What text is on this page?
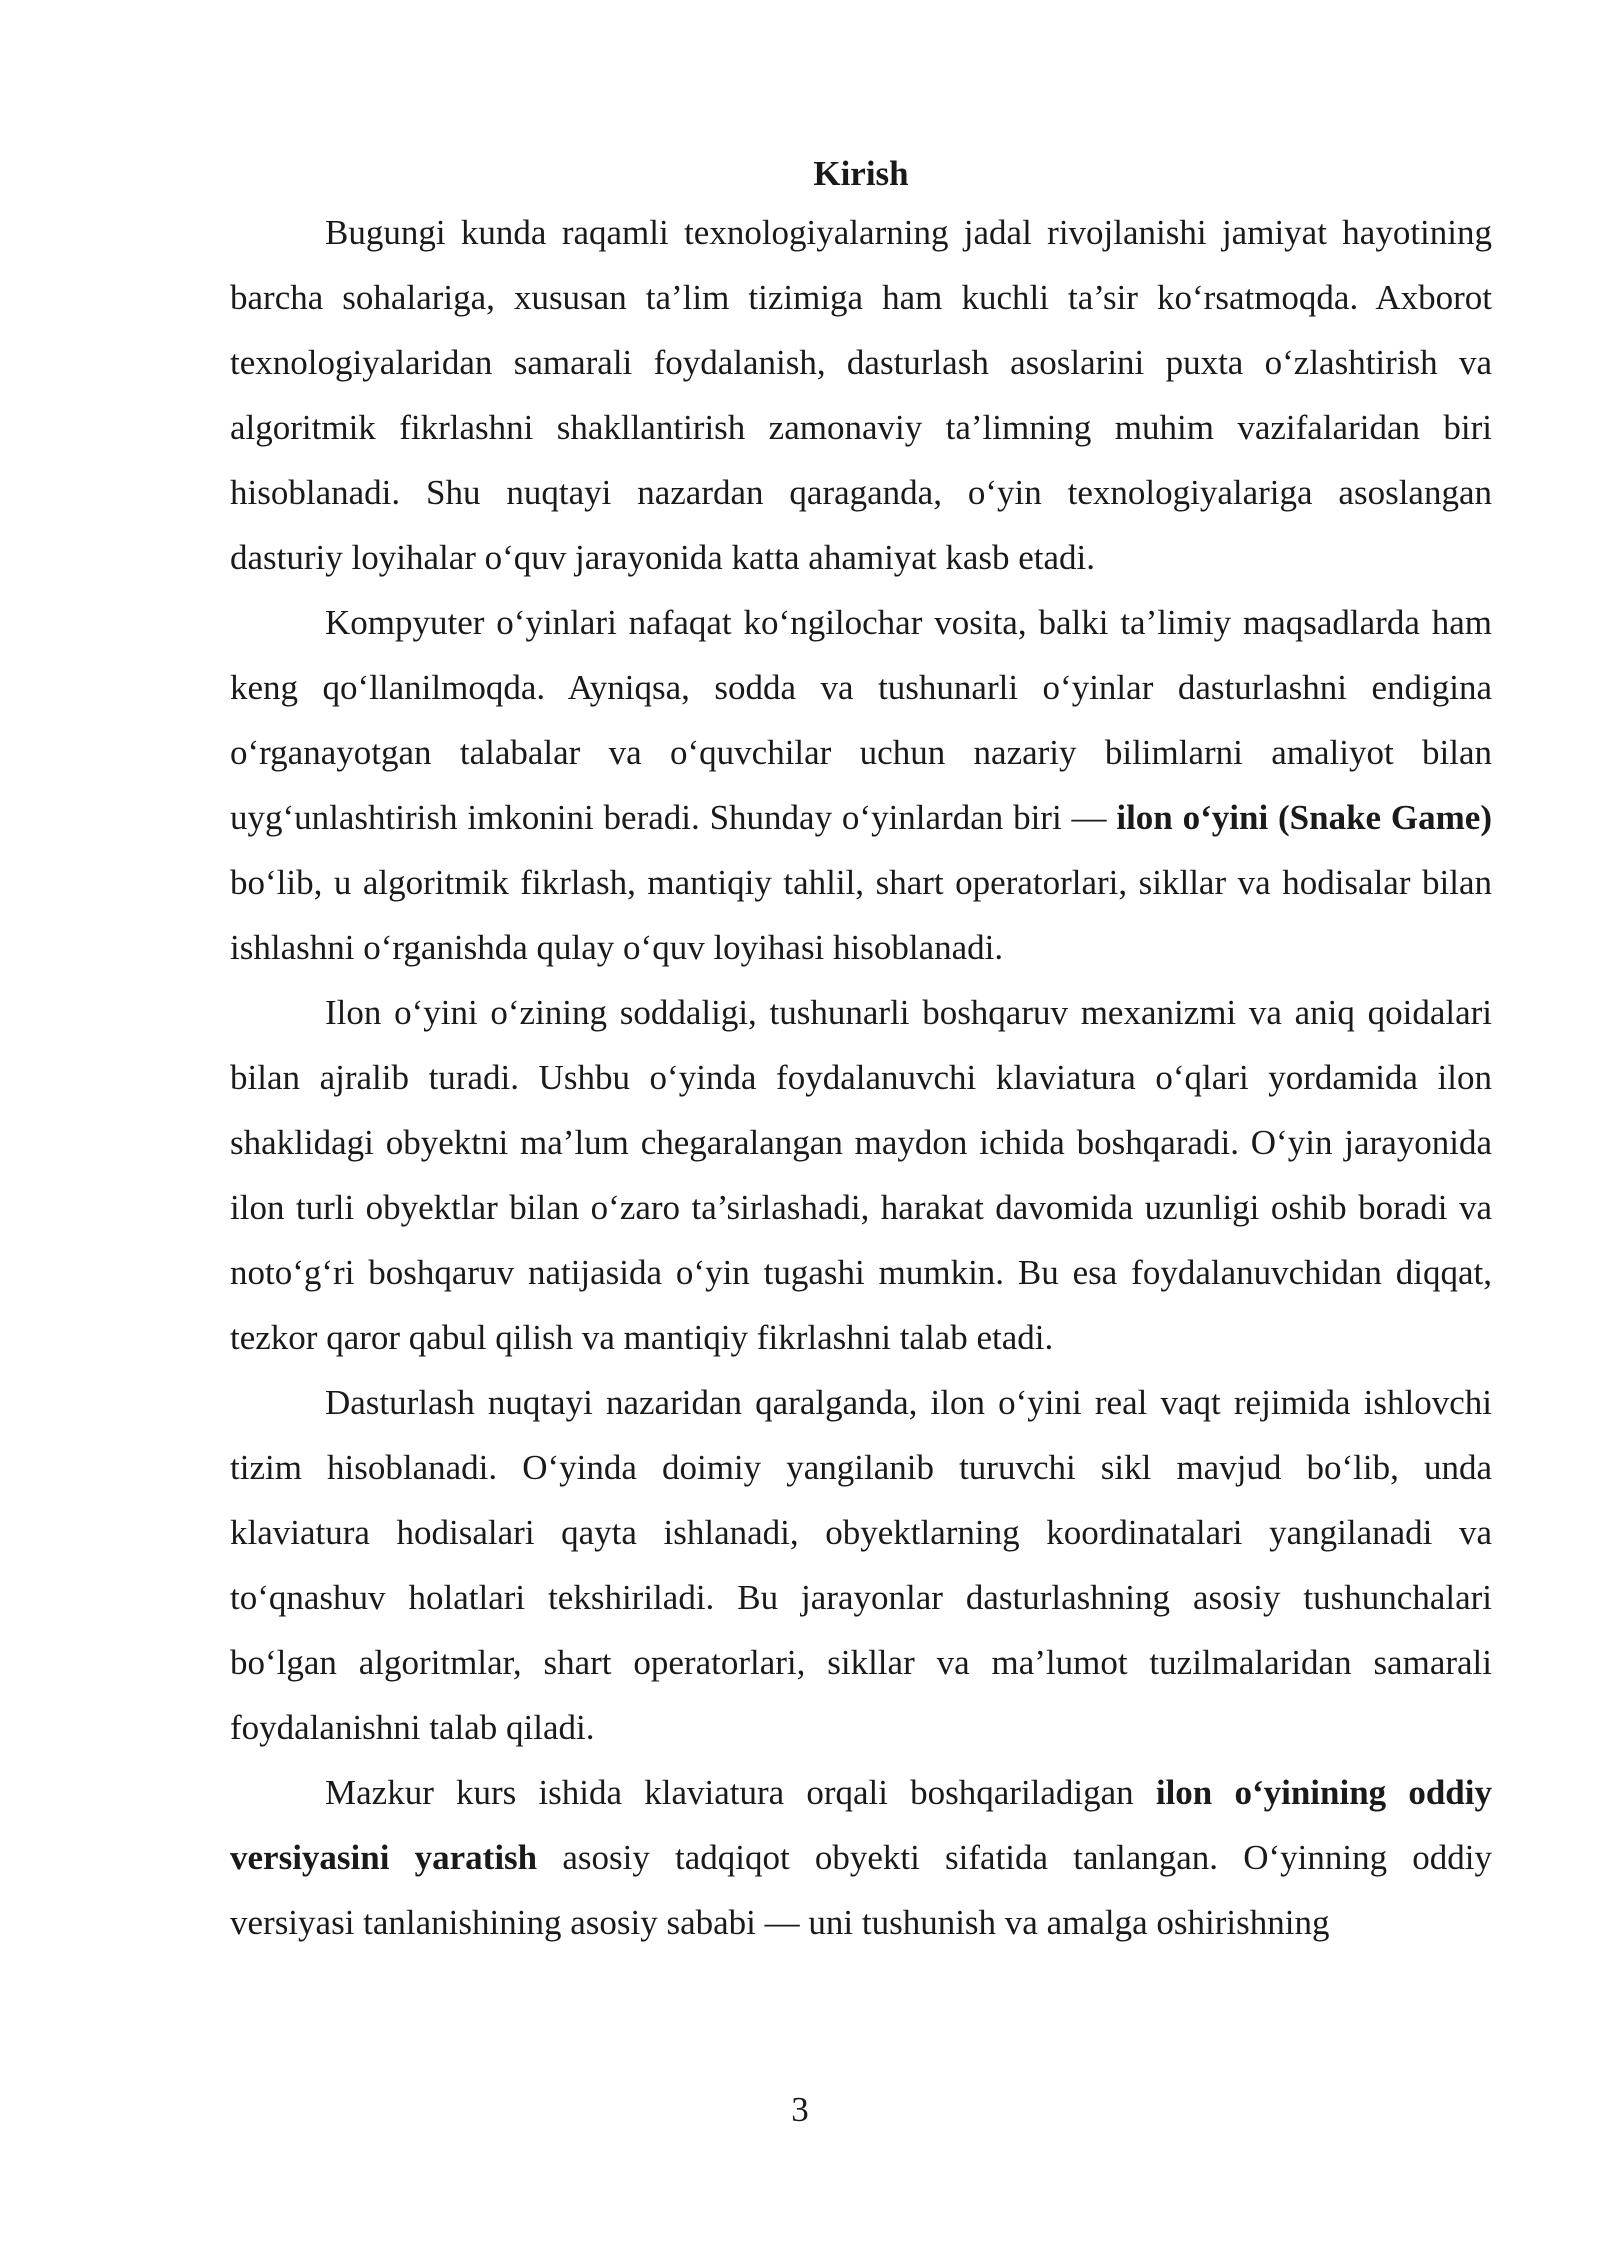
Kirish

Bugungi kunda raqamli texnologiyalarning jadal rivojlanishi jamiyat hayotining barcha sohalariga, xususan ta’lim tizimiga ham kuchli ta’sir ko‘rsatmoqda. Axborot texnologiyalaridan samarali foydalanish, dasturlash asoslarini puxta o‘zlashtirish va algoritmik fikrlashni shakllantirish zamonaviy ta’limning muhim vazifalaridan biri hisoblanadi. Shu nuqtayi nazardan qaraganda, o‘yin texnologiyalariga asoslangan dasturiy loyihalar o‘quv jarayonida katta ahamiyat kasb etadi.

Kompyuter o‘yinlari nafaqat ko‘ngilochar vosita, balki ta’limiy maqsadlarda ham keng qo‘llanilmoqda. Ayniqsa, sodda va tushunarli o‘yinlar dasturlashni endigina o‘rganayotgan talabalar va o‘quvchilar uchun nazariy bilimlarni amaliyot bilan uyg‘unlashtirish imkonini beradi. Shunday o‘yinlardan biri — ilon o‘yini (Snake Game) bo‘lib, u algoritmik fikrlash, mantiqiy tahlil, shart operatorlari, sikllar va hodisalar bilan ishlashni o‘rganishda qulay o‘quv loyihasi hisoblanadi.

Ilon o‘yini o‘zining soddaligi, tushunarli boshqaruv mexanizmi va aniq qoidalari bilan ajralib turadi. Ushbu o‘yinda foydalanuvchi klaviatura o‘qlari yordamida ilon shaklidagi obyektni ma’lum chegaralangan maydon ichida boshqaradi. O‘yin jarayonida ilon turli obyektlar bilan o‘zaro ta’sirlashadi, harakat davomida uzunligi oshib boradi va noto‘g‘ri boshqaruv natijasida o‘yin tugashi mumkin. Bu esa foydalanuvchidan diqqat, tezkor qaror qabul qilish va mantiqiy fikrlashni talab etadi.

Dasturlash nuqtayi nazaridan qaralganda, ilon o‘yini real vaqt rejimida ishlovchi tizim hisoblanadi. O‘yinda doimiy yangilanib turuvchi sikl mavjud bo‘lib, unda klaviatura hodisalari qayta ishlanadi, obyektlarning koordinatalari yangilanadi va to‘qnashuv holatlari tekshiriladi. Bu jarayonlar dasturlashning asosiy tushunchalari bo‘lgan algoritmlar, shart operatorlari, sikllar va ma’lumot tuzilmalaridan samarali foydalanishni talab qiladi.

Mazkur kurs ishida klaviatura orqali boshqariladigan ilon o‘yinining oddiy versiyasini yaratish asosiy tadqiqot obyekti sifatida tanlangan. O‘yinning oddiy versiyasi tanlanishining asosiy sababi — uni tushunish va amalga oshirishning

3
